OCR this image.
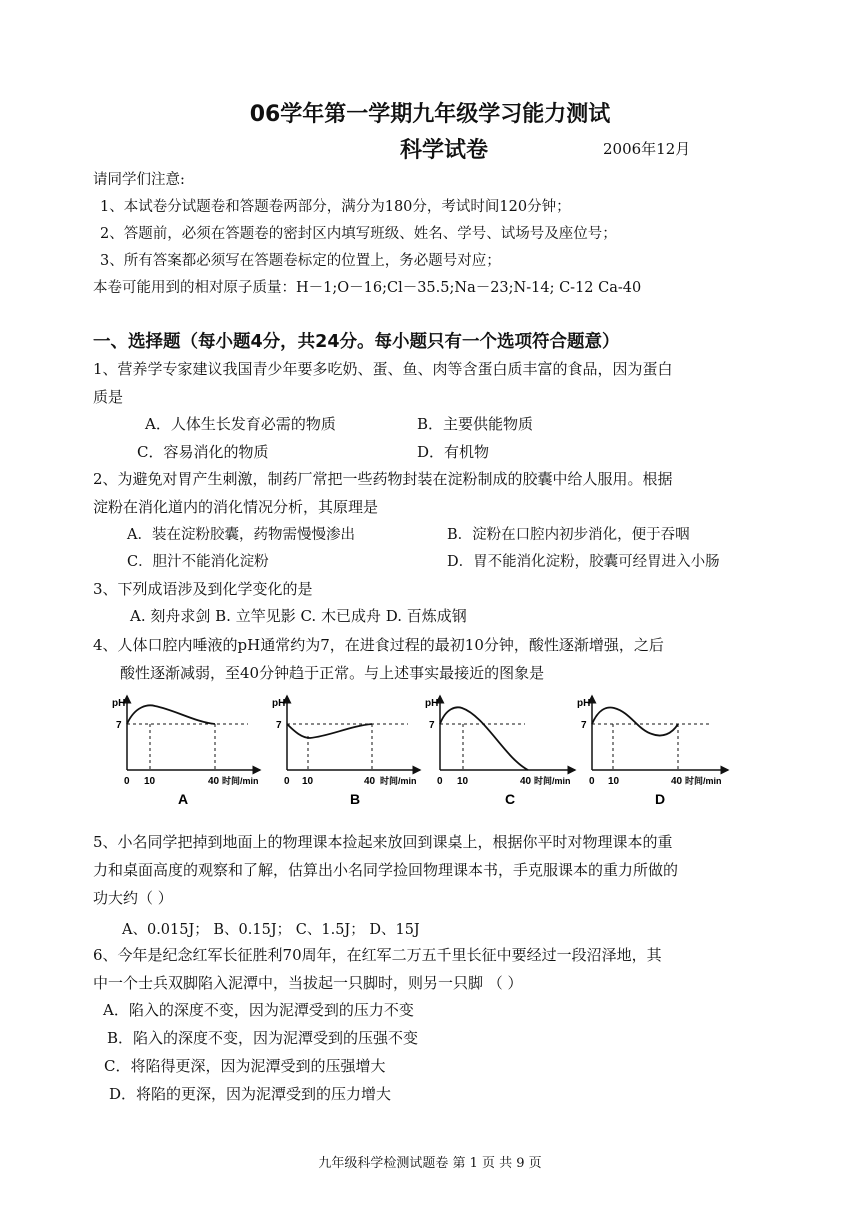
06学年第一学期九年级学习能力测试
科学试卷	2006年12月
请同学们注意:
1、本试卷分试题卷和答题卷两部分，满分为180分，考试时间120分钟；
2、答题前，必须在答题卷的密封区内填写班级、姓名、学号、试场号及座位号；
3、所有答案都必须写在答题卷标定的位置上，务必题号对应；
本卷可能用到的相对原子质量：H－1;O－16;Cl－35.5;Na－23;N-14; C-12 Ca-40
一、选择题（每小题4分，共24分。每小题只有一个选项符合题意）
1、营养学专家建议我国青少年要多吃奶、蛋、鱼、肉等含蛋白质丰富的食品，因为蛋白
质是
A．人体生长发育必需的物质	B．主要供能物质
C．容易消化的物质	D．有机物
2、为避免对胃产生刺激，制药厂常把一些药物封装在淀粉制成的胶囊中给人服用。根据
淀粉在消化道内的消化情况分析，其原理是
A．装在淀粉胶囊，药物需慢慢渗出	B．淀粉在口腔内初步消化，便于吞咽
C．胆汁不能消化淀粉	D．胃不能消化淀粉，胶囊可经胃进入小肠
3、下列成语涉及到化学变化的是
A. 刻舟求剑 B. 立竿见影 C. 木已成舟 D. 百炼成钢
4、人体口腔内唾液的pH通常约为7，在进食过程的最初10分钟，酸性逐渐增强，之后
酸性逐渐减弱，至40分钟趋于正常。与上述事实最接近的图象是
pH
7
0 10	40 时间/min
A
pH
7
0 10	40 时间/min
B
pH
7
0 10	40 时间/min
C
pH
7
0 10	40 时间/min
D
5、小名同学把掉到地面上的物理课本捡起来放回到课桌上，根据你平时对物理课本的重
力和桌面高度的观察和了解，估算出小名同学捡回物理课本书，手克服课本的重力所做的
功大约（ ）
A、0.015J； B、0.15J； C、1.5J； D、15J
6、今年是纪念红军长征胜利70周年，在红军二万五千里长征中要经过一段沼泽地，其
中一个士兵双脚陷入泥潭中，当拔起一只脚时，则另一只脚 （ ）
A．陷入的深度不变，因为泥潭受到的压力不变
B．陷入的深度不变，因为泥潭受到的压强不变
C．将陷得更深，因为泥潭受到的压强增大
D．将陷的更深，因为泥潭受到的压力增大
九年级科学检测试题卷 第 1 页 共 9 页
